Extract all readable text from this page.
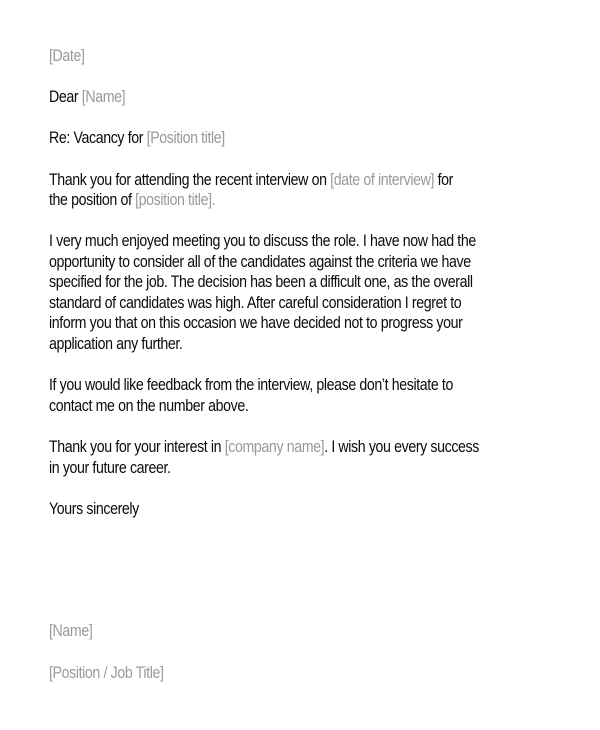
[Date]
Dear [Name]
Re: Vacancy for [Position title]
Thank you for attending the recent interview on [date of interview] for
the position of [position title].
I very much enjoyed meeting you to discuss the role. I have now had the
opportunity to consider all of the candidates against the criteria we have
specified for the job. The decision has been a difficult one, as the overall
standard of candidates was high. After careful consideration I regret to
inform you that on this occasion we have decided not to progress your
application any further.
If you would like feedback from the interview, please don’t hesitate to
contact me on the number above.
Thank you for your interest in [company name]. I wish you every success
in your future career.
Yours sincerely
[Name]
[Position / Job Title]
